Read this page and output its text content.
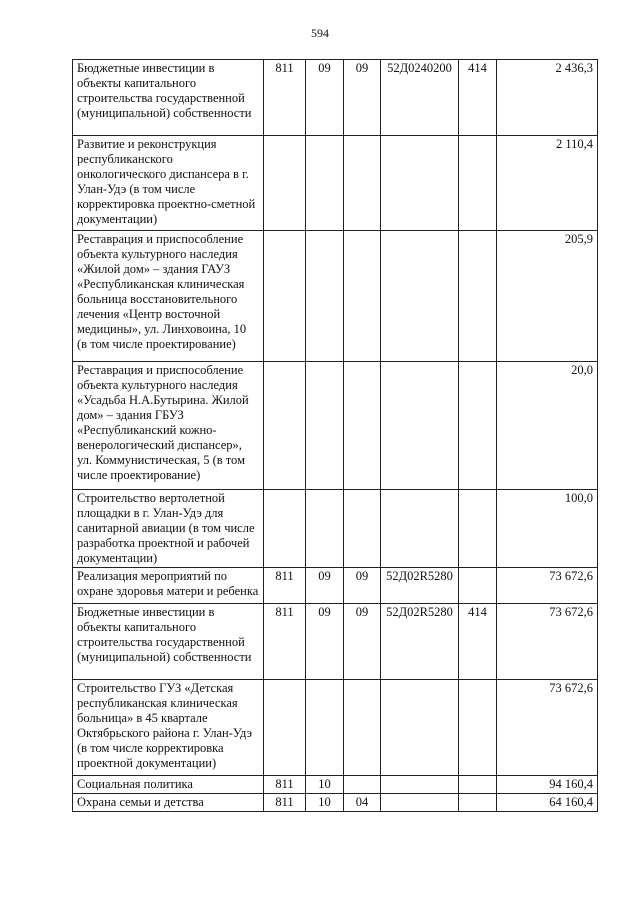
594
Бюджетные инвестиции в объекты капитального строительства государственной (муниципальной) собственности	811	09	09	52Д0240200	414	2 436,3
Развитие и реконструкция республиканского онкологического диспансера в г. Улан-Удэ (в том числе корректировка проектно-сметной документации)						2 110,4
Реставрация и приспособление объекта культурного наследия «Жилой дом» – здания ГАУЗ «Республиканская клиническая больница восстановительного лечения «Центр восточной медицины», ул. Линховоина, 10 (в том числе проектирование)						205,9
Реставрация и приспособление объекта культурного наследия «Усадьба Н.А.Бутырина. Жилой дом» – здания ГБУЗ «Республиканский кожно-венерологический диспансер», ул. Коммунистическая, 5 (в том числе проектирование)						20,0
Строительство вертолетной площадки в г. Улан-Удэ для санитарной авиации (в том числе разработка проектной и рабочей документации)						100,0
Реализация мероприятий по охране здоровья матери и ребенка	811	09	09	52Д02R5280		73 672,6
Бюджетные инвестиции в объекты капитального строительства государственной (муниципальной) собственности	811	09	09	52Д02R5280	414	73 672,6
Строительство ГУЗ «Детская республиканская клиническая больница» в 45 квартале Октябрьского района г. Улан-Удэ (в том числе корректировка проектной документации)						73 672,6
Социальная политика	811	10				94 160,4
Охрана семьи и детства	811	10	04			64 160,4
